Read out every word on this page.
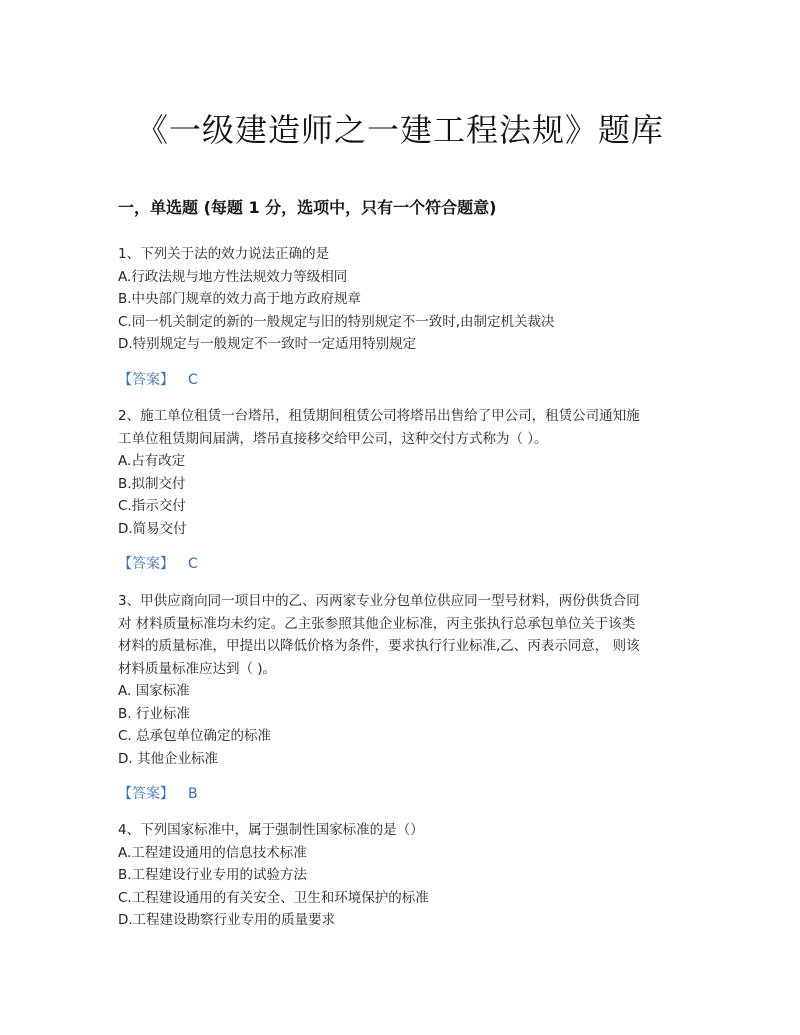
《一级建造师之一建工程法规》题库
一，单选题 (每题 1 分，选项中，只有一个符合题意)

1、下列关于法的效力说法正确的是

A.行政法规与地方性法规效力等级相同

B.中央部门规章的效力高于地方政府规章

C.同一机关制定的新的一般规定与旧的特别规定不一致时,由制定机关裁决

D.特别规定与一般规定不一致时一定适用特别规定

【答案】 C

2、施工单位租赁一台塔吊，租赁期间租赁公司将塔吊出售给了甲公司，租赁公司通知施

工单位租赁期间届满，塔吊直接移交给甲公司，这种交付方式称为（ ）。

A.占有改定

B.拟制交付

C.指示交付

D.简易交付

【答案】 C

3、甲供应商向同一项目中的乙、丙两家专业分包单位供应同一型号材料，两份供货合同

对 材料质量标准均未约定。乙主张参照其他企业标准，丙主张执行总承包单位关于该类

材料的质量标准，甲提出以降低价格为条件，要求执行行业标准,乙、丙表示同意， 则该

材料质量标准应达到（ )。

A. 国家标准

B. 行业标准

C. 总承包单位确定的标准

D. 其他企业标准

【答案】 B

4、下列国家标准中，属于强制性国家标准的是（）

A.工程建设通用的信息技术标准

B.工程建设行业专用的试验方法

C.工程建设通用的有关安全、卫生和环境保护的标准

D.工程建设勘察行业专用的质量要求
